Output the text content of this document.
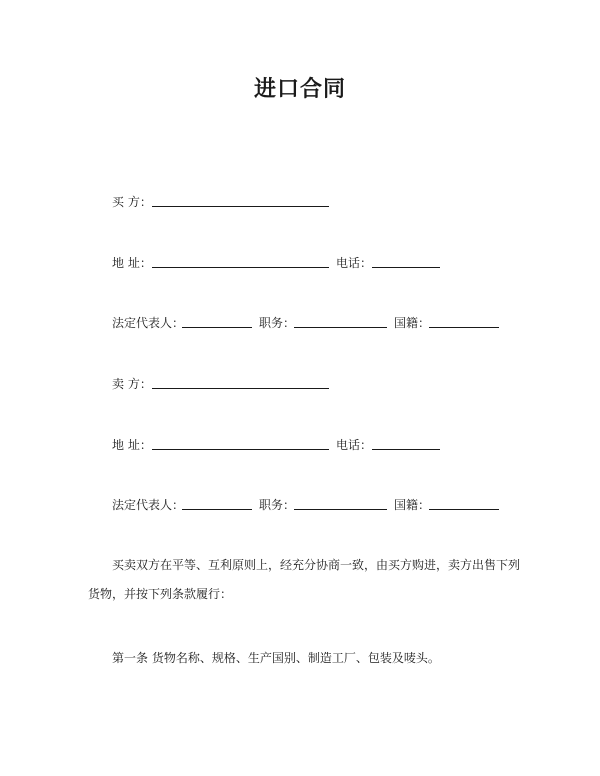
进口合同
买 方：
地 址：	电话：
法定代表人：	职务：	国籍：
卖 方：
地 址：	电话：
法定代表人：	职务：	国籍：
买卖双方在平等、互利原则上，经充分协商一致，由买方购进，卖方出售下列货物，并按下列条款履行：
第一条 货物名称、规格、生产国别、制造工厂、包装及唛头。
